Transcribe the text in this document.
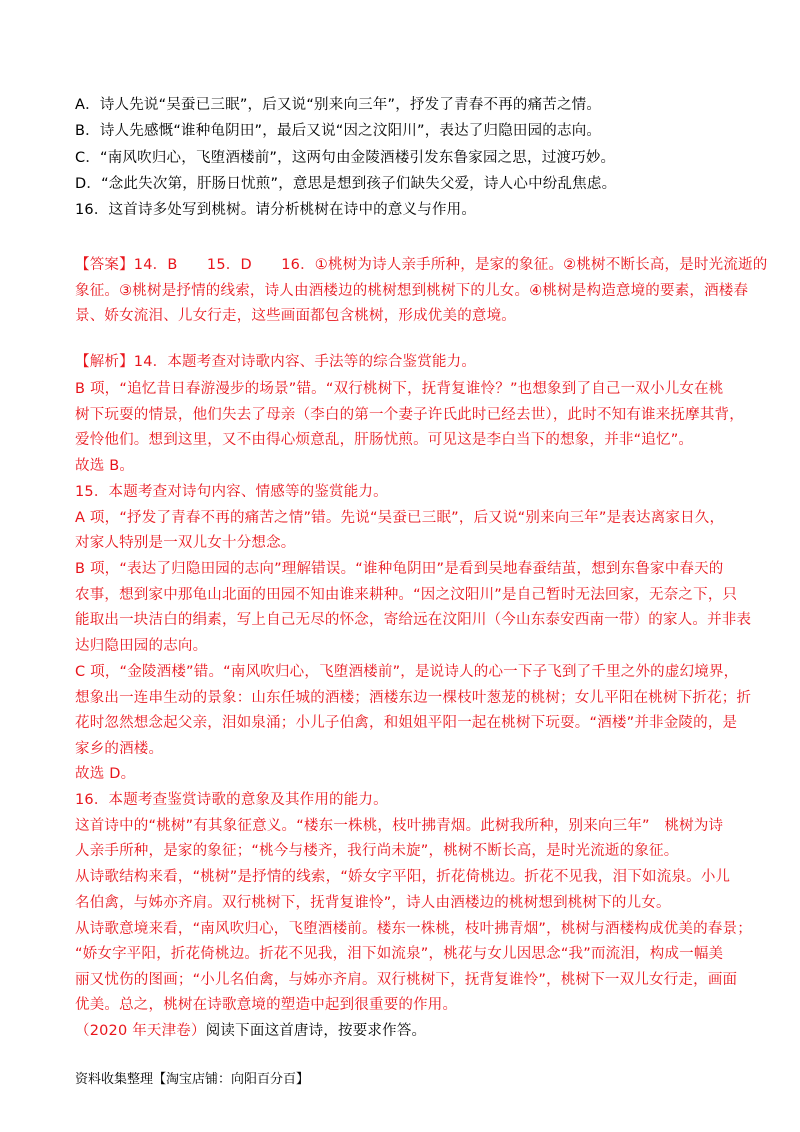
A．诗人先说“吴蚕已三眠”，后又说“别来向三年”，抒发了青春不再的痛苦之情。
B．诗人先感慨“谁种龟阴田”，最后又说“因之汶阳川”，表达了归隐田园的志向。
C．“南风吹归心，飞堕酒楼前”，这两句由金陵酒楼引发东鲁家园之思，过渡巧妙。
D．“念此失次第，肝肠日忧煎”，意思是想到孩子们缺失父爱，诗人心中纷乱焦虑。
16．这首诗多处写到桃树。请分析桃树在诗中的意义与作用。
【答案】14．B　　15．D　　16．①桃树为诗人亲手所种，是家的象征。②桃树不断长高，是时光流逝的
象征。③桃树是抒情的线索，诗人由酒楼边的桃树想到桃树下的儿女。④桃树是构造意境的要素，酒楼春
景、娇女流泪、儿女行走，这些画面都包含桃树，形成优美的意境。
【解析】14．本题考查对诗歌内容、手法等的综合鉴赏能力。
B 项，“追忆昔日春游漫步的场景”错。“双行桃树下，抚背复谁怜？”也想象到了自己一双小儿女在桃
树下玩耍的情景，他们失去了母亲（李白的第一个妻子许氏此时已经去世），此时不知有谁来抚摩其背，
爱怜他们。想到这里，又不由得心烦意乱，肝肠忧煎。可见这是李白当下的想象，并非“追忆”。
故选 B。
15．本题考查对诗句内容、情感等的鉴赏能力。
A 项，“抒发了青春不再的痛苦之情”错。先说“吴蚕已三眠”，后又说“别来向三年”是表达离家日久，
对家人特别是一双儿女十分想念。
B 项，“表达了归隐田园的志向”理解错误。“谁种龟阴田”是看到吴地春蚕结茧，想到东鲁家中春天的
农事，想到家中那龟山北面的田园不知由谁来耕种。“因之汶阳川”是自己暂时无法回家，无奈之下，只
能取出一块洁白的绢素，写上自己无尽的怀念，寄给远在汶阳川（今山东泰安西南一带）的家人。并非表
达归隐田园的志向。
C 项，“金陵酒楼”错。“南风吹归心，飞堕酒楼前”，是说诗人的心一下子飞到了千里之外的虚幻境界，
想象出一连串生动的景象：山东任城的酒楼；酒楼东边一棵枝叶葱茏的桃树；女儿平阳在桃树下折花；折
花时忽然想念起父亲，泪如泉涌；小儿子伯禽，和姐姐平阳一起在桃树下玩耍。“酒楼”并非金陵的，是
家乡的酒楼。
故选 D。
16．本题考查鉴赏诗歌的意象及其作用的能力。
这首诗中的“桃树”有其象征意义。“楼东一株桃，枝叶拂青烟。此树我所种，别来向三年”　桃树为诗
人亲手所种，是家的象征；“桃今与楼齐，我行尚未旋”，桃树不断长高，是时光流逝的象征。
从诗歌结构来看，“桃树”是抒情的线索，“娇女字平阳，折花倚桃边。折花不见我，泪下如流泉。小儿
名伯禽，与姊亦齐肩。双行桃树下，抚背复谁怜”，诗人由酒楼边的桃树想到桃树下的儿女。
从诗歌意境来看，“南风吹归心，飞堕酒楼前。楼东一株桃，枝叶拂青烟”，桃树与酒楼构成优美的春景；
“娇女字平阳，折花倚桃边。折花不见我，泪下如流泉”，桃花与女儿因思念“我”而流泪，构成一幅美
丽又忧伤的图画；“小儿名伯禽，与姊亦齐肩。双行桃树下，抚背复谁怜”，桃树下一双儿女行走，画面
优美。总之，桃树在诗歌意境的塑造中起到很重要的作用。
（2020 年天津卷）阅读下面这首唐诗，按要求作答。
资料收集整理【淘宝店铺：向阳百分百】
